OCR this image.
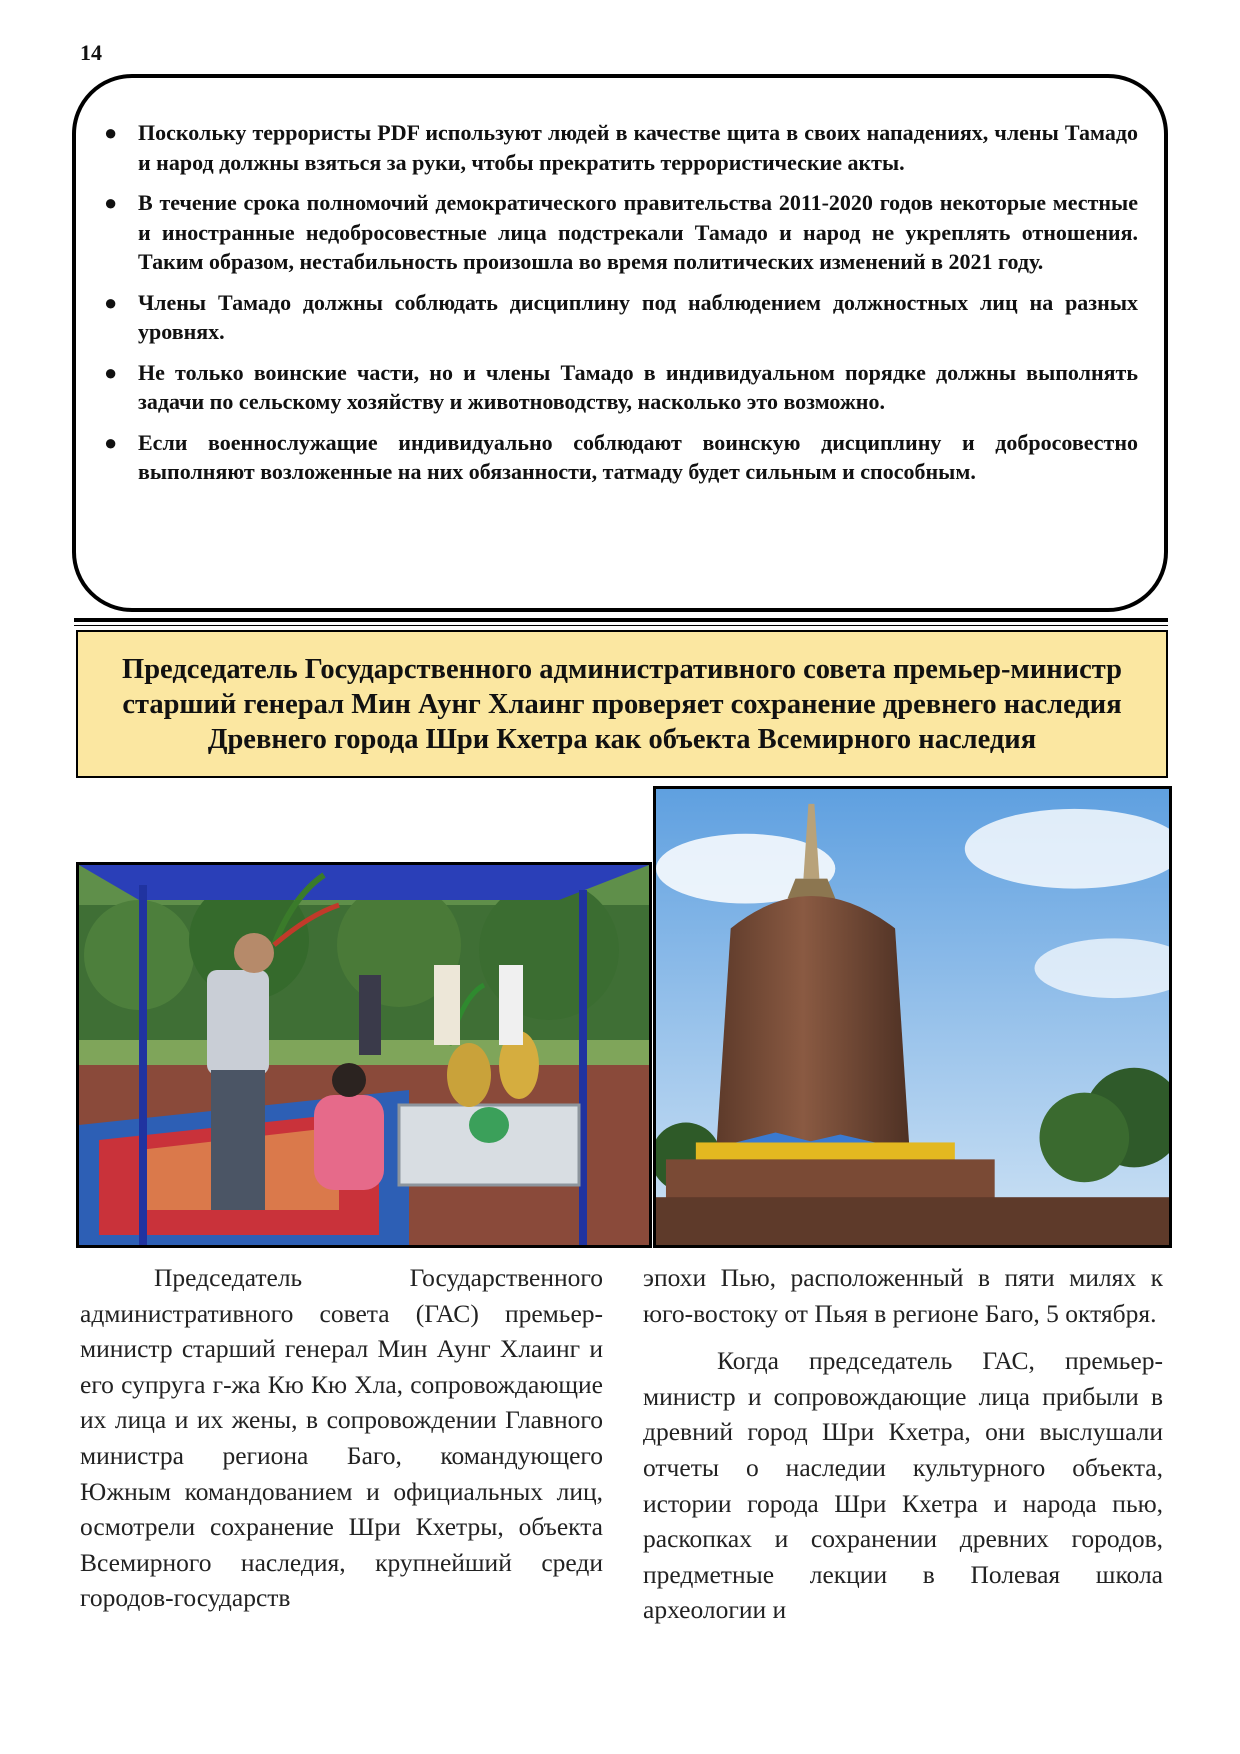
14
● Поскольку террористы PDF используют людей в качестве щита в своих нападениях, члены Тамадо и народ должны взяться за руки, чтобы прекратить террористические акты.
● В течение срока полномочий демократического правительства 2011-2020 годов некоторые местные и иностранные недобросовестные лица подстрекали Тамадо и народ не укреплять отношения. Таким образом, нестабильность произошла во время политических изменений в 2021 году.
● Члены Тамадо должны соблюдать дисциплину под наблюдением должностных лиц на разных уровнях.
● Не только воинские части, но и члены Тамадо в индивидуальном порядке должны выполнять задачи по сельскому хозяйству и животноводству, насколько это возможно.
● Если военнослужащие индивидуально соблюдают воинскую дисциплину и добросовестно выполняют возложенные на них обязанности, татмаду будет сильным и способным.
Председатель Государственного административного совета премьер-министр старший генерал Мин Аунг Хлаинг проверяет сохранение древнего наследия Древнего города Шри Кхетра как объекта Всемирного наследия

Председатель Государственного административного совета (ГАС) премьер-министр старший генерал Мин Аунг Хлаинг и его супруга г-жа Кю Кю Хла, сопровождающие их лица и их жены, в сопровождении Главного министра региона Баго, командующего Южным командованием и официальных лиц, осмотрели сохранение Шри Кхетры, объекта Всемирного наследия, крупнейший среди городов-государств

эпохи Пью, расположенный в пяти милях к юго-востоку от Пьяя в регионе Баго, 5 октября.

Когда председатель ГАС, премьер-министр и сопровождающие лица прибыли в древний город Шри Кхетра, они выслушали отчеты о наследии культурного объекта, истории города Шри Кхетра и народа пью, раскопках и сохранении древних городов, предметные лекции в Полевая школа археологии и
